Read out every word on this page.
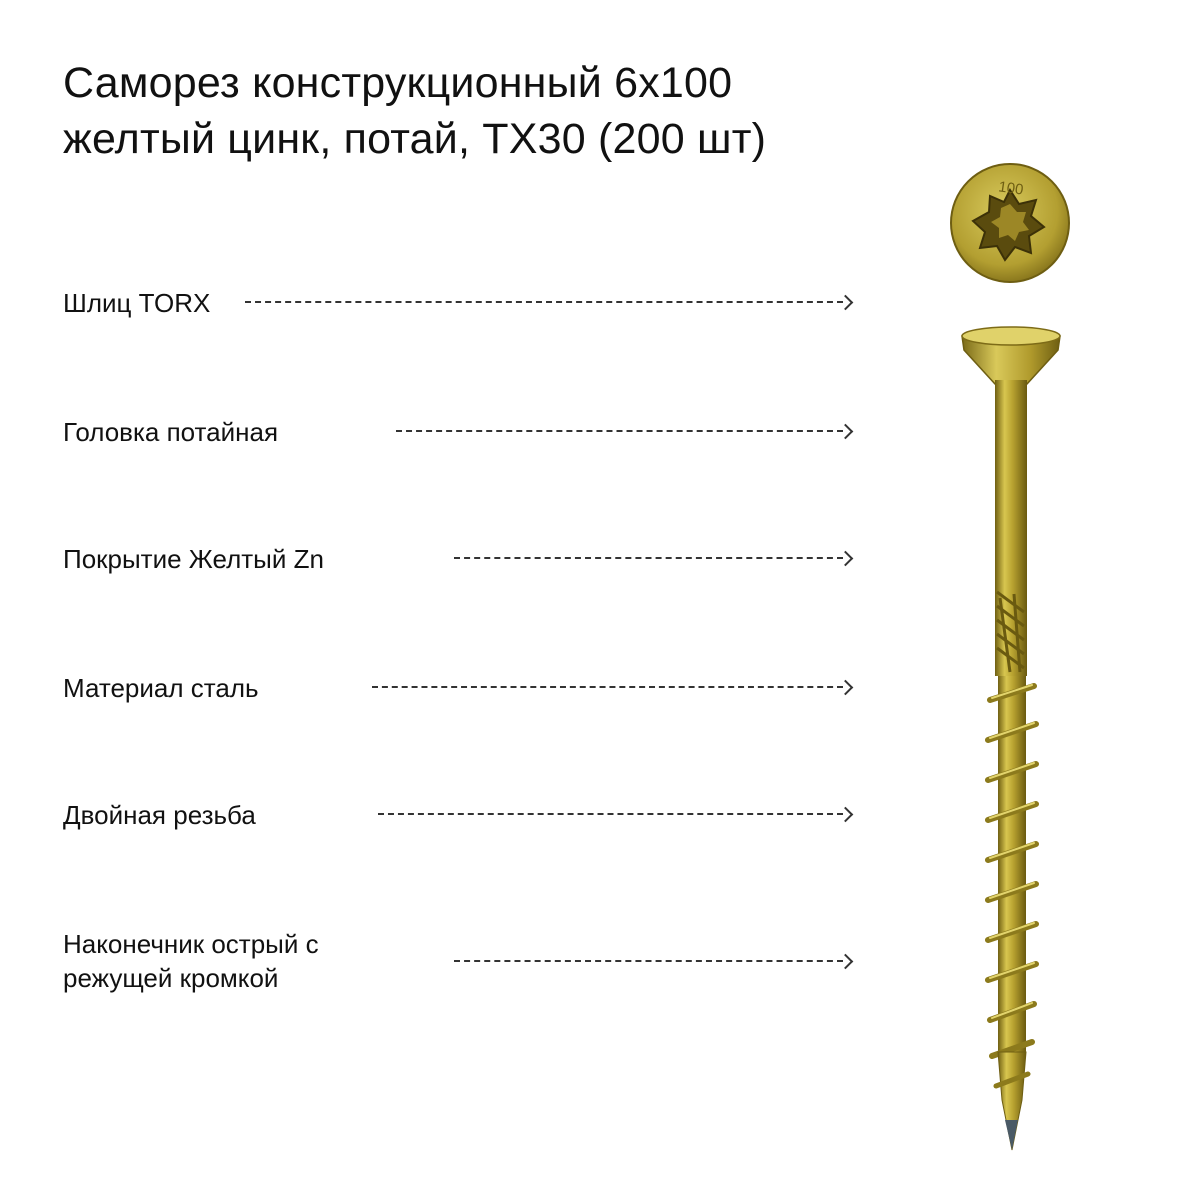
Саморез конструкционный 6х100
желтый цинк, потай, TX30 (200 шт)
Шлиц TORX
Головка потайная
Покрытие Желтый Zn
Материал сталь
Двойная резьба
Наконечник острый с
режущей кромкой
100
